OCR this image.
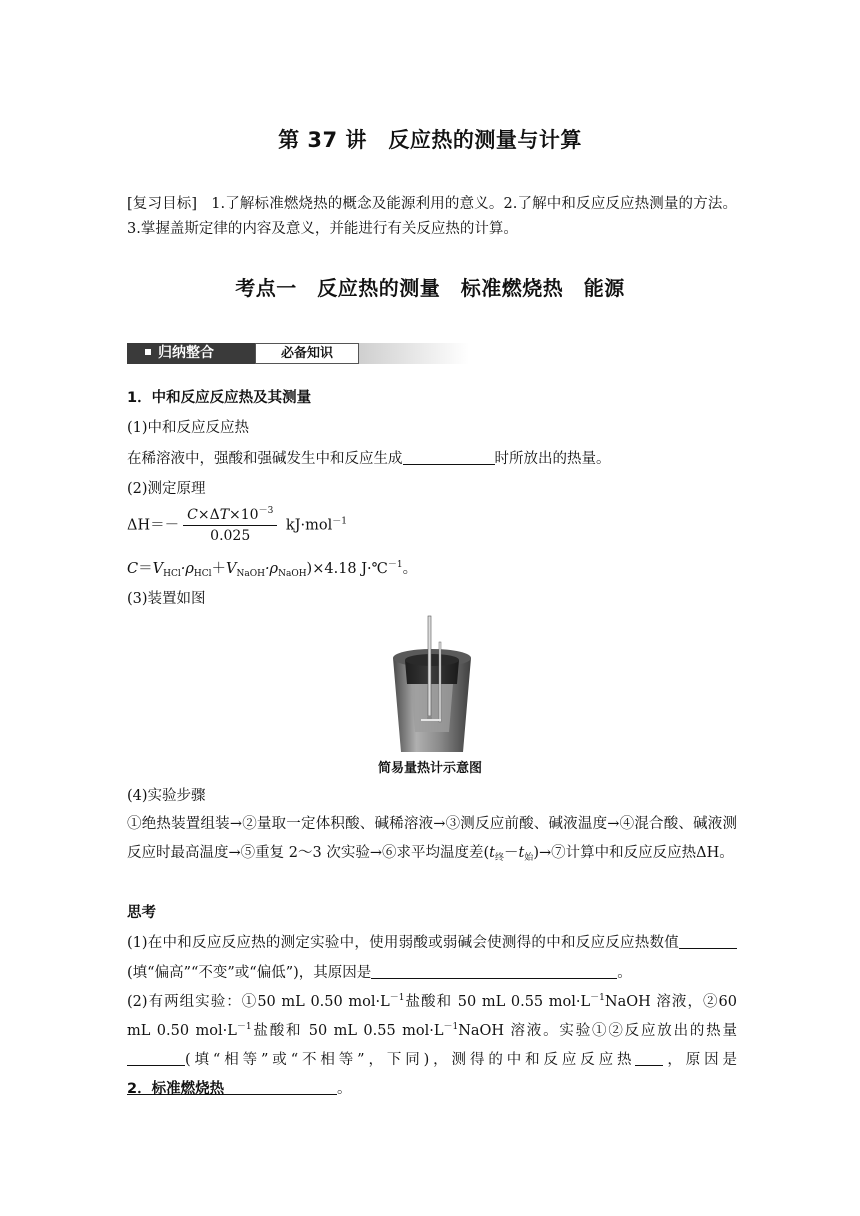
第 37 讲　反应热的测量与计算
[复习目标] 1.了解标准燃烧热的概念及能源利用的意义。2.了解中和反应反应热测量的方法。3.掌握盖斯定律的内容及意义，并能进行有关反应热的计算。
考点一　反应热的测量　标准燃烧热　能源
归纳整合	必备知识
1．中和反应反应热及其测量
(1)中和反应反应热
在稀溶液中，强酸和强碱发生中和反应生成	时所放出的热量。
(2)测定原理
$\Delta H=- \frac{C\times\Delta T\times 10^{-3}}{0.025} kJ\cdot mol^{-1}$
$C=V_{HCl}\cdot\rho_{HCl}+V_{NaOH}\cdot\rho_{NaOH})\times 4.18$ J·℃$^{-1}$。
(3)装置如图
简易量热计示意图
(4)实验步骤
①绝热装置组装→②量取一定体积酸、碱稀溶液→③测反应前酸、碱液温度→④混合酸、碱液测反应时最高温度→⑤重复 2～3 次实验→⑥求平均温度差$(t_终-t_始)\to ⑦$计算中和反应反应热ΔH。
思考
(1)在中和反应反应热的测定实验中，使用弱酸或弱碱会使测得的中和反应反应热数值(填“偏高”“不变”或“偏低”)，其原因是	。
(2)有两组实验：①50 mL 0.50 $mol\cdot L^{-1}$盐酸和 50 mL 0.55 $mol\cdot L^{-1}NaOH$ 溶液，②60 mL 0.50 $mol\cdot L^{-1}$盐酸和 50 mL 0.55 $mol\cdot L^{-1}NaOH$ 溶液。实验①②反应放出的热量(填“相等”或“不相等”，下同)，测得的中和反应反应热 ，原因是。
2．标准燃烧热
